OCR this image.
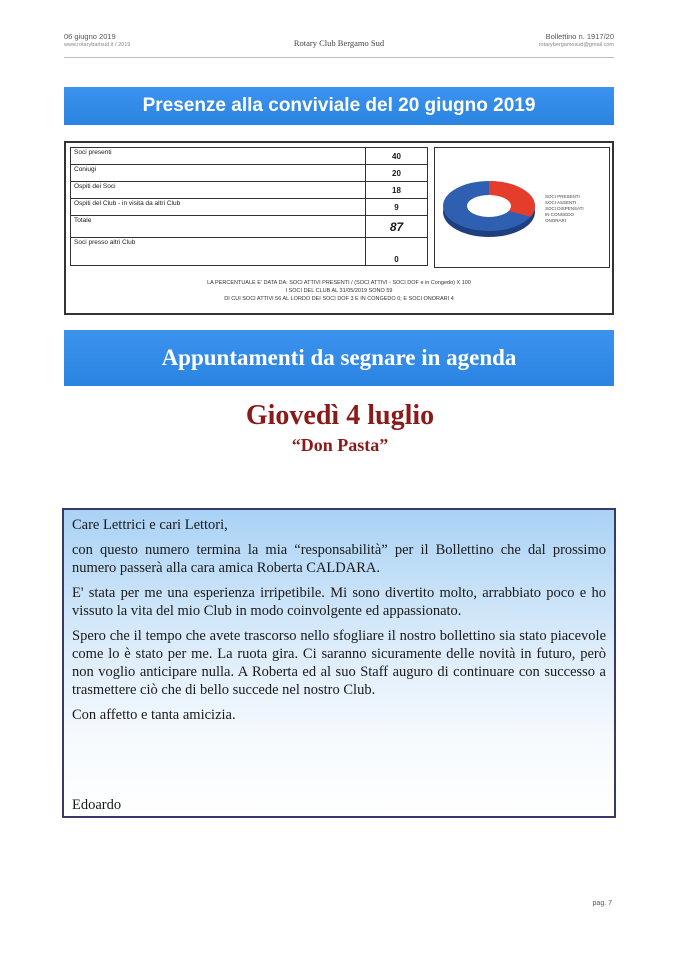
06 giugno 2019
www.rotarybarisud.it / 2019	Rotary Club Bergamo Sud
Bollettino n. 1917/20
rotarybergamosud@gmail.com
Presenze alla conviviale del 20 giugno 2019
Soci presenti	40
Coniugi	20
Ospiti dei Soci	18
Ospiti del Club - in visita da altri Club	9
Totale	87
Soci presso altri Club	0
SOCI PRESENTI
SOCI ASSENTI
SOCI DISPENSATI
IN CONGEDO
ONORARI
LA PERCENTUALE E' DATA DA: SOCI ATTIVI PRESENTI / (SOCI ATTIVI - SOCI DOF e in Congedo) X 100
I SOCI DEL CLUB AL 31/05/2019 SONO 59
DI CUI SOCI ATTIVI 56 AL LORDO DEI SOCI DOF 3 E IN CONGEDO 0; E SOCI ONORARI 4
Appuntamenti da segnare in agenda
Giovedì 4 luglio
“Don Pasta”

Care Lettrici e cari Lettori,

con questo numero termina la mia “responsabilità” per il Bollettino che dal prossimo numero passerà alla cara amica Roberta CALDARA.

E' stata per me una esperienza irripetibile. Mi sono divertito molto, arrabbiato poco e ho vissuto la vita del mio Club in modo coinvolgente ed appassionato.

Spero che il tempo che avete trascorso nello sfogliare il nostro bollettino sia stato piacevole come lo è stato per me. La ruota gira. Ci saranno sicuramente delle novità in futuro, però non voglio anticipare nulla. A Roberta ed al suo Staff auguro di continuare con successo a trasmettere ciò che di bello succede nel nostro Club.

Con affetto e tanta amicizia.

Edoardo

pag. 7
